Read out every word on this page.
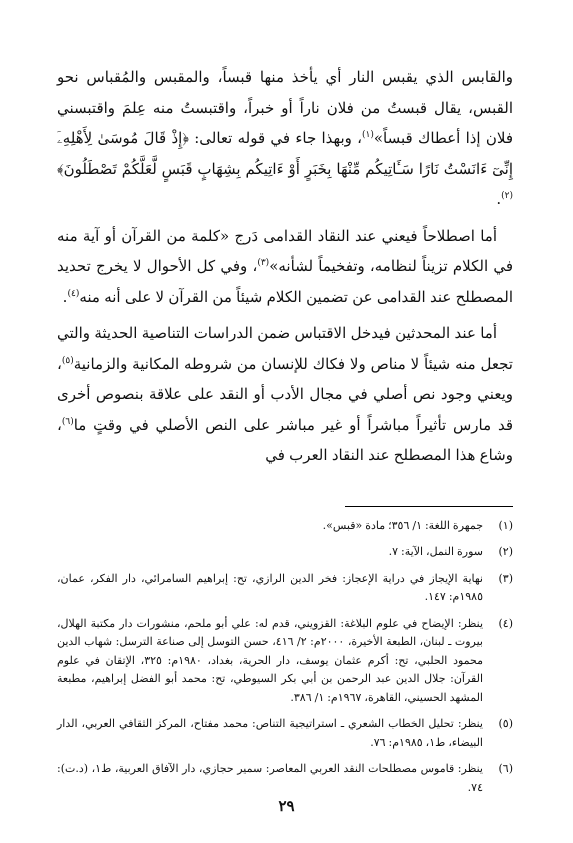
والقابس الذي يقبس النار أي يأخذ منها قبساً، والمقبس والمُقباس نحو القبس، يقال قبستُ من فلان ناراً أو خبراً، واقتبستُ منه عِلمَ واقتبسني فلان إذا أعطاك قبساً»$^{(١)}$، وبهذا جاء في قوله تعالى: ﴿إِذْ قَالَ مُوسَىٰ لِأَهْلِهِۦٓ إِنِّىٓ ءَانَسْتُ نَارًا سَـَٔاتِيكُم مِّنْهَا بِخَبَرٍ أَوْ ءَاتِيكُم بِشِهَابٍ قَبَسٍ لَّعَلَّكُمْ تَصْطَلُونَ﴾$^{(٢)}$.

أما اصطلاحاً فيعني عند النقاد القدامى دَرج «كلمة من القرآن أو آية منه في الكلام تزيناً لنظامه، وتفخيماً لشأنه»$^{(٣)}$، وفي كل الأحوال لا يخرج تحديد المصطلح عند القدامى عن تضمين الكلام شيئاً من القرآن لا على أنه منه$^{(٤)}$.

أما عند المحدثين فيدخل الاقتباس ضمن الدراسات التناصية الحديثة والتي تجعل منه شيئاً لا مناص ولا فكاك للإنسان من شروطه المكانية والزمانية$^{(٥)}$، ويعني وجود نص أصلي في مجال الأدب أو النقد على علاقة بنصوص أخرى قد مارس تأثيراً مباشراً أو غير مباشر على النص الأصلي في وقتٍ ما$^{(٦)}$، وشاع هذا المصطلح عند النقاد العرب في

(١)
جمهرة اللغة: ١/ ٣٥٦؛ مادة «قبس».
(٢)
سورة النمل، الآية: ٧.
(٣)
نهاية الإيجاز في دراية الإعجاز: فخر الدين الرازي، تح: إبراهيم السامرائي، دار الفكر، عمان، ١٩٨٥م: ١٤٧.
(٤)
ينظر: الإيضاح في علوم البلاغة: القزويني، قدم له: علي أبو ملحم، منشورات دار مكتبة الهلال، بيروت ـ لبنان، الطبعة الأخيرة، ٢٠٠٠م: ٢/ ٤١٦، حسن التوسل إلى صناعة الترسل: شهاب الدين محمود الحلبي، تح: أكرم عثمان يوسف، دار الحرية، بغداد، ١٩٨٠م: ٣٢٥، الإتقان في علوم القرآن: جلال الدين عبد الرحمن بن أبي بكر السيوطي، تح: محمد أبو الفضل إبراهيم، مطبعة المشهد الحسيني، القاهرة، ١٩٦٧م: ١/ ٣٨٦.
(٥)
ينظر: تحليل الخطاب الشعري ـ استراتيجية التناص: محمد مفتاح، المركز الثقافي العربي، الدار البيضاء، ط١، ١٩٨٥م: ٧٦.
(٦)
ينظر: قاموس مصطلحات النقد العربي المعاصر: سمير حجازي، دار الآفاق العربية، ط١، (د.ت): ٧٤.
٢٩
